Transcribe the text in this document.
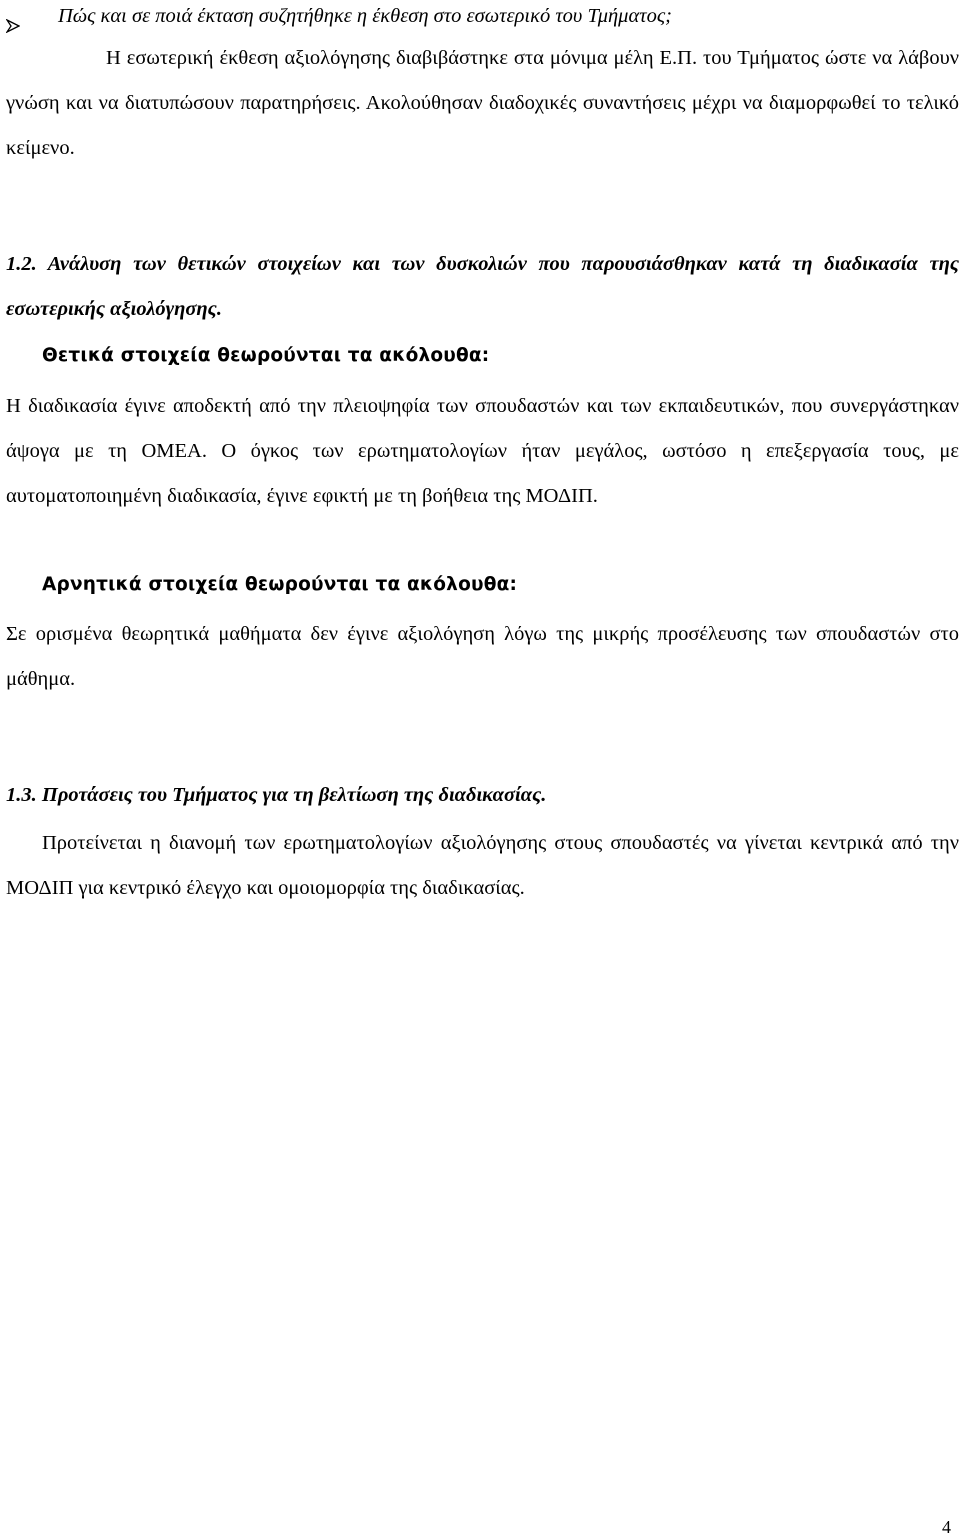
Πώς και σε ποιά έκταση συζητήθηκε η έκθεση στο εσωτερικό του Τμήματος;
Η εσωτερική έκθεση αξιολόγησης διαβιβάστηκε στα μόνιμα μέλη Ε.Π. του Τμήματος ώστε να λάβουν γνώση και να διατυπώσουν παρατηρήσεις. Ακολούθησαν διαδοχικές συναντήσεις μέχρι να διαμορφωθεί το τελικό κείμενο.
1.2. Ανάλυση των θετικών στοιχείων και των δυσκολιών που παρουσιάσθηκαν κατά τη διαδικασία της εσωτερικής αξιολόγησης.
Θετικά στοιχεία θεωρούνται τα ακόλουθα:
Η διαδικασία έγινε αποδεκτή από την πλειοψηφία των σπουδαστών και των εκπαιδευτικών, που συνεργάστηκαν άψογα με τη ΟΜΕΑ. Ο όγκος των ερωτηματολογίων ήταν μεγάλος, ωστόσο η επεξεργασία τους, με αυτοματοποιημένη διαδικασία, έγινε εφικτή με τη βοήθεια της ΜΟΔΙΠ.
Αρνητικά στοιχεία θεωρούνται τα ακόλουθα:
Σε ορισμένα θεωρητικά μαθήματα δεν έγινε αξιολόγηση λόγω της μικρής προσέλευσης των σπουδαστών στο μάθημα.
1.3. Προτάσεις του Τμήματος για τη βελτίωση της διαδικασίας.
Προτείνεται η διανομή των ερωτηματολογίων αξιολόγησης στους σπουδαστές να γίνεται κεντρικά από την ΜΟΔΙΠ για κεντρικό έλεγχο και ομοιομορφία της διαδικασίας.
4
